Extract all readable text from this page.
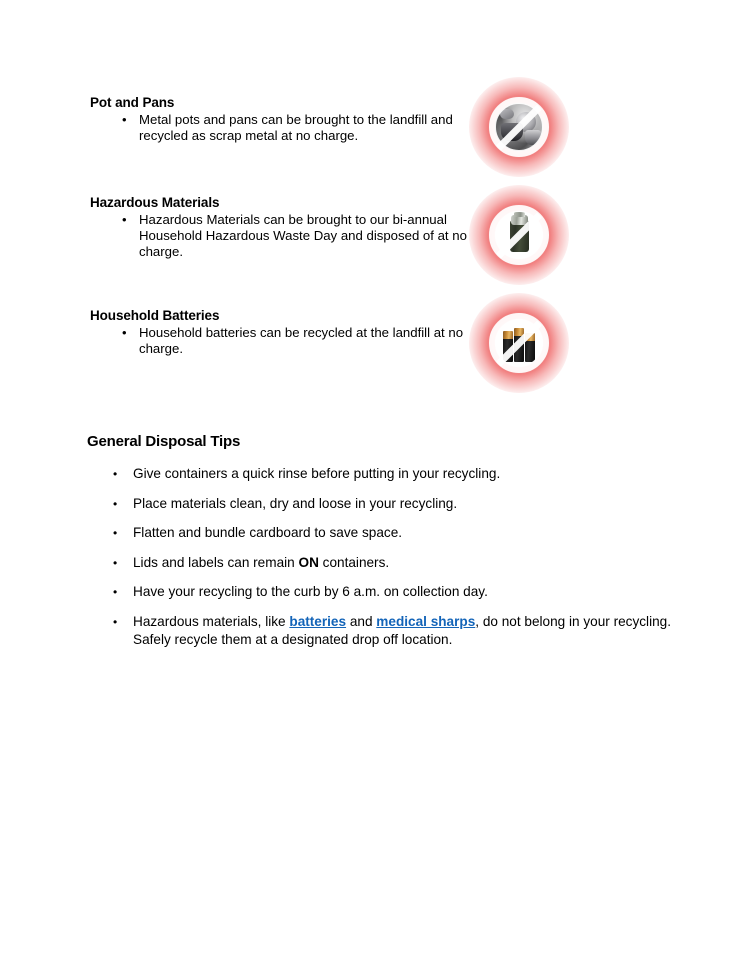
Pot and Pans
• Metal pots and pans can be brought to the landfill and recycled as scrap metal at no charge.
Hazardous Materials
• Hazardous Materials can be brought to our bi-annual Household Hazardous Waste Day and disposed of at no charge.
Household Batteries
• Household batteries can be recycled at the landfill at no charge.
General Disposal Tips
• Give containers a quick rinse before putting in your recycling.
• Place materials clean, dry and loose in your recycling.
• Flatten and bundle cardboard to save space.
• Lids and labels can remain ON containers.
• Have your recycling to the curb by 6 a.m. on collection day.
• Hazardous materials, like batteries and medical sharps, do not belong in your recycling. Safely recycle them at a designated drop off location.
